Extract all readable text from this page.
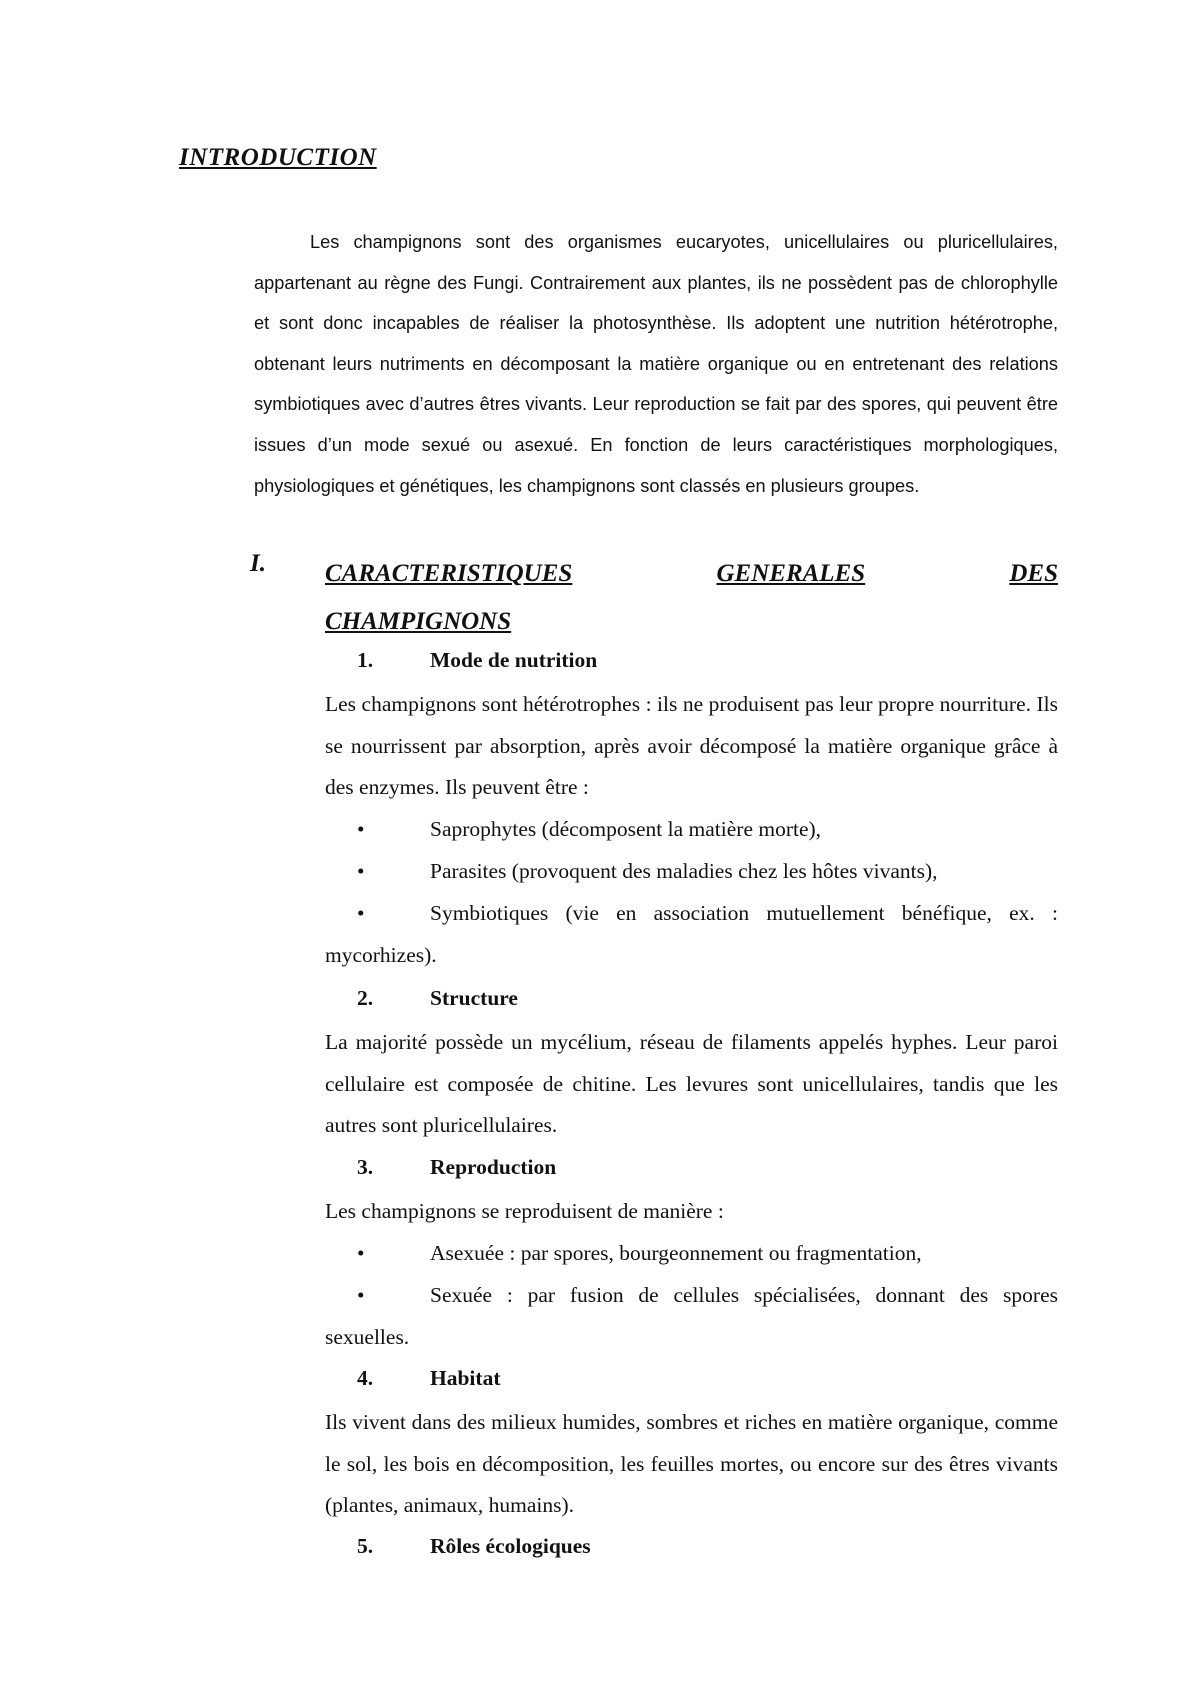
INTRODUCTION

Les champignons sont des organismes eucaryotes, unicellulaires ou pluricellulaires, appartenant au règne des Fungi. Contrairement aux plantes, ils ne possèdent pas de chlorophylle et sont donc incapables de réaliser la photosynthèse. Ils adoptent une nutrition hétérotrophe, obtenant leurs nutriments en décomposant la matière organique ou en entretenant des relations symbiotiques avec d’autres êtres vivants. Leur reproduction se fait par des spores, qui peuvent être issues d’un mode sexué ou asexué. En fonction de leurs caractéristiques morphologiques, physiologiques et génétiques, les champignons sont classés en plusieurs groupes.

I. CARACTERISTIQUES	GENERALES	DES
CHAMPIGNONS
1.	Mode de nutrition

Les champignons sont hétérotrophes : ils ne produisent pas leur propre nourriture. Ils se nourrissent par absorption, après avoir décomposé la matière organique grâce à des enzymes. Ils peuvent être :

•	Saprophytes (décomposent la matière morte),

•	Parasites (provoquent des maladies chez les hôtes vivants),

•	Symbiotiques (vie en association mutuellement bénéfique, ex. : mycorhizes).

2.	Structure

La majorité possède un mycélium, réseau de filaments appelés hyphes. Leur paroi cellulaire est composée de chitine. Les levures sont unicellulaires, tandis que les autres sont pluricellulaires.

3.	Reproduction

Les champignons se reproduisent de manière :

•	Asexuée : par spores, bourgeonnement ou fragmentation,

•	Sexuée : par fusion de cellules spécialisées, donnant des spores sexuelles.

4.	Habitat

Ils vivent dans des milieux humides, sombres et riches en matière organique, comme le sol, les bois en décomposition, les feuilles mortes, ou encore sur des êtres vivants (plantes, animaux, humains).

5.	Rôles écologiques
